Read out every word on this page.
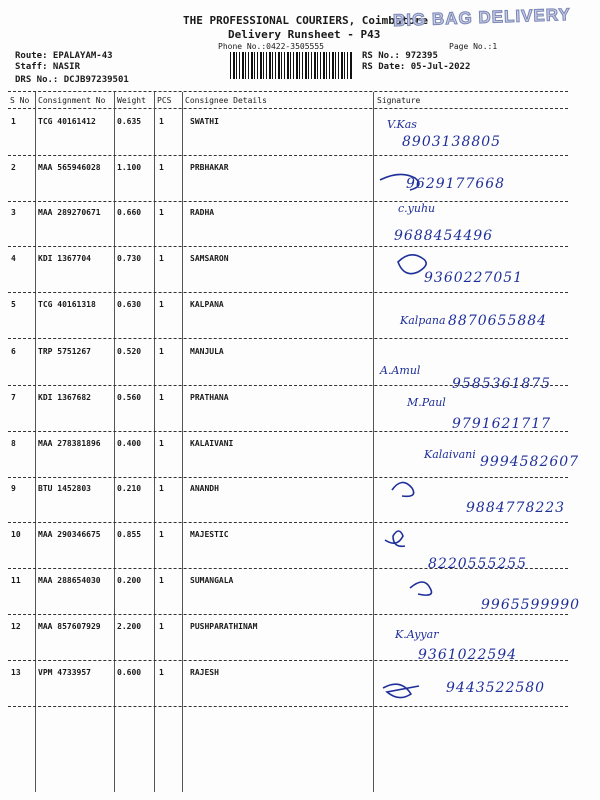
THE PROFESSIONAL COURIERS, Coimbatore
Delivery Runsheet - P43
Phone No.:0422-3505555	Page No.:1
BIG BAG DELIVERY
Route: EPALAYAM-43
Staff: NASIR
DRS No.: DCJB97239501
RS No.: 972395
RS Date: 05-Jul-2022
S No Consignment No Weight PCS Consignee Details	Signature
1	TCG 40161412	0.635 1	SWATHI	V.Kas
8903138805
2	MAA 565946028 1.100 1	PRBHAKAR
9629177668
3	MAA 289270671 0.660 1	RADHA	c.yuhu
9688454496
4	KDI 1367704	0.730 1	SAMSARON
9360227051
5	TCG 40161318	0.630 1	KALPANA
Kalpana 8870655884
6	TRP 5751267	0.520 1	MANJULA
A.Amul
9585361875
7	KDI 1367682	0.560 1	PRATHANA	M.Paul
9791621717
8	MAA 278381896 0.400 1	KALAIVANI
Kalaivani 9994582607
9	BTU 1452803	0.210 1	ANANDH
9884778223
10 MAA 290346675 0.855 1	MAJESTIC
8220555255
11 MAA 288654030 0.200 1	SUMANGALA
9965599990
12 MAA 857607929 2.200 1	PUSHPARATHINAM
K.Ayyar
9361022594
13 VPM 4733957	0.600 1	RAJESH
9443522580
